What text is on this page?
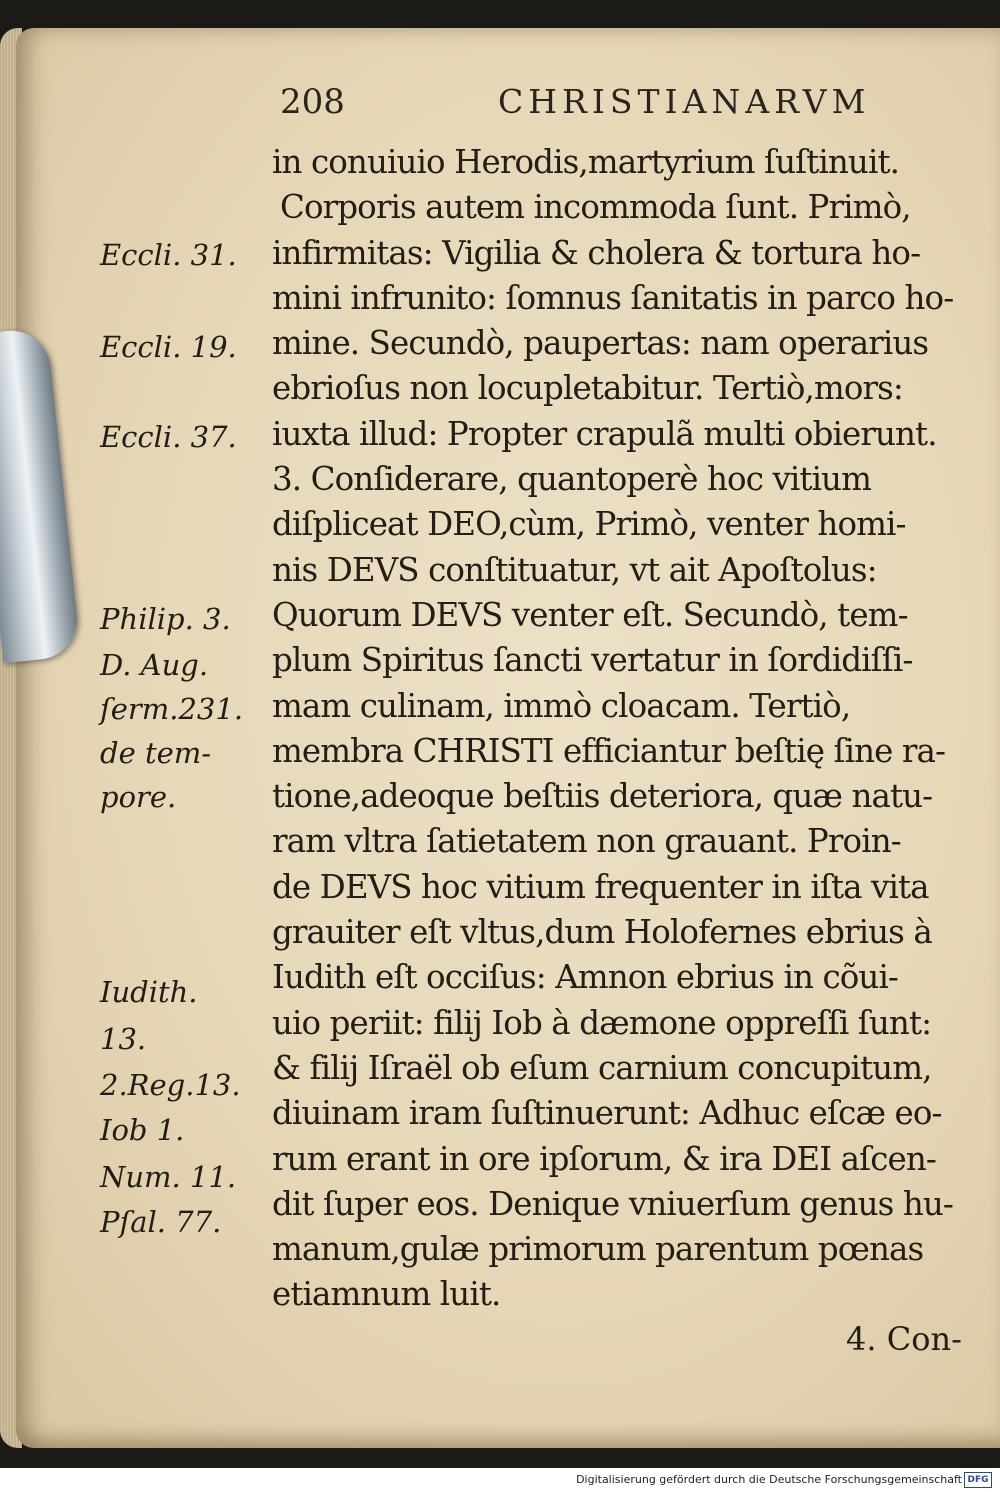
208	CHRISTIANARVM
Eccli. 31.
Eccli. 19.
Eccli. 37.
Philip. 3.
D. Aug.
ſerm.231.
de tem-
pore.
Iudith.
13.
2.Reg.13.
Iob 1.
Num. 11.
Pſal. 77.
in conuiuio Herodis,martyrium ſuſtinuit.
Corporis autem incommoda ſunt. Primò,
infirmitas: Vigilia & cholera & tortura ho-
mini infrunito: ſomnus ſanitatis in parco ho-
mine. Secundò, paupertas: nam operarius
ebrioſus non locupletabitur. Tertiò,mors:
iuxta illud: Propter crapulã multi obierunt.
3. Conſiderare, quantoperè hoc vitium
diſpliceat DEO,cùm, Primò, venter homi-
nis DEVS conſtituatur, vt ait Apoſtolus:
Quorum DEVS venter eſt. Secundò, tem-
plum Spiritus ſancti vertatur in ſordidiſſi-
mam culinam, immò cloacam. Tertiò,
membra CHRISTI efficiantur beſtię ſine ra-
tione,adeoque beſtiis deteriora, quæ natu-
ram vltra ſatietatem non grauant. Proin-
de DEVS hoc vitium frequenter in iſta vita
grauiter eſt vltus,dum Holofernes ebrius à
Iudith eſt occiſus: Amnon ebrius in cõui-
uio periit: filij Iob à dæmone oppreſſi ſunt:
& filij Iſraël ob eſum carnium concupitum,
diuinam iram ſuſtinuerunt: Adhuc eſcæ eo-
rum erant in ore ipſorum, & ira DEI aſcen-
dit ſuper eos. Denique vniuerſum genus hu-
manum,gulæ primorum parentum pœnas
etiamnum luit.
4. Con-
Digitalisierung gefördert durch die Deutsche Forschungsgemeinschaft DFG
